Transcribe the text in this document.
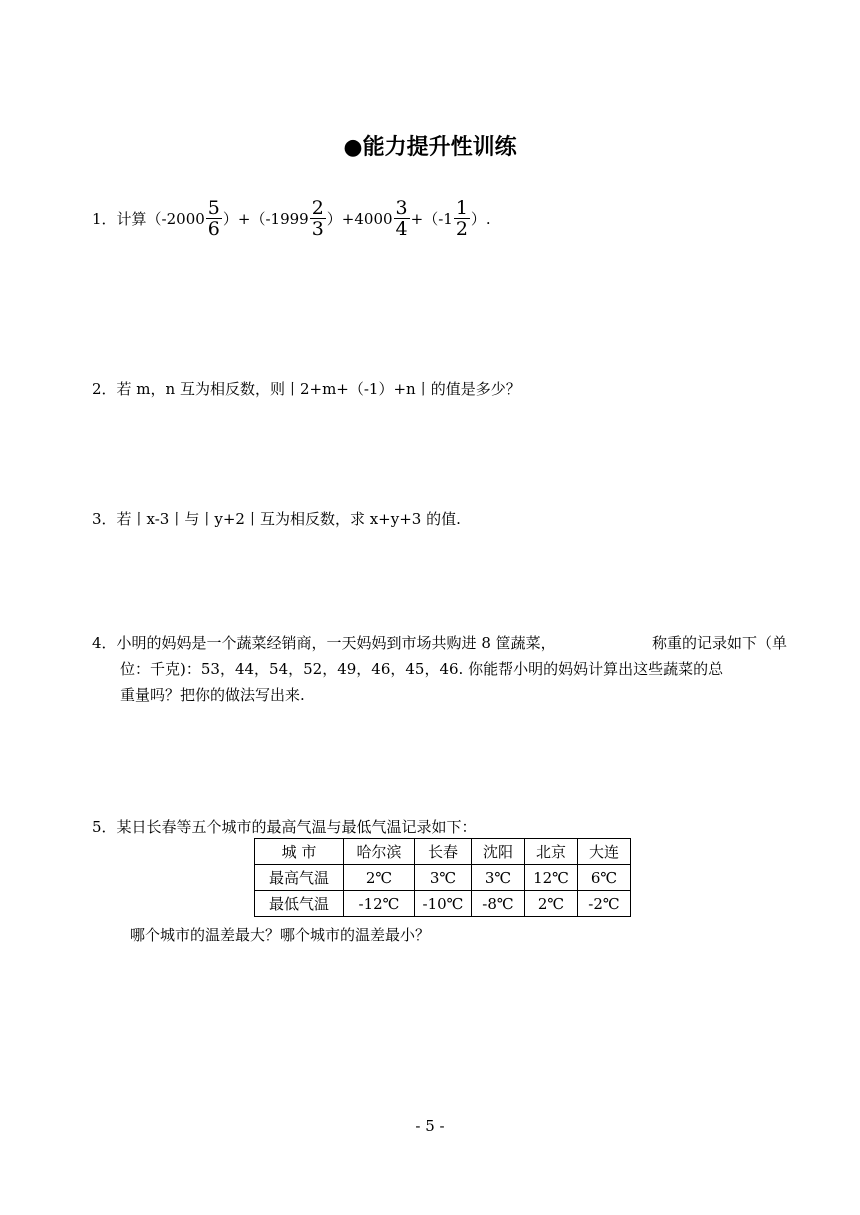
●能力提升性训练
1．计算$(-2000 \frac{5}{6} )+(-1999 \frac{2}{3} )+4000 \frac{3}{4} +(-1 \frac{1}{2}$ ）.
2．若 m，n 互为相反数，则丨2+m+（-1）+n丨的值是多少？
3．若丨x-3丨与丨y+2丨互为相反数，求 x+y+3 的值.
4．小明的妈妈是一个蔬菜经销商，一天妈妈到市场共购进 8 筐蔬菜，	称重的记录如下（单
位：千克)：53，44，54，52，49，46，45，46. 你能帮小明的妈妈计算出这些蔬菜的总
重量吗？把你的做法写出来.
5．某日长春等五个城市的最高气温与最低气温记录如下：
城 市	哈尔滨	长春	沈阳	北京	大连
最高气温	2℃	3℃	3℃	12℃	6℃
最低气温	-12℃	-10℃	-8℃	2℃	-2℃
哪个城市的温差最大？哪个城市的温差最小？
- 5 -
